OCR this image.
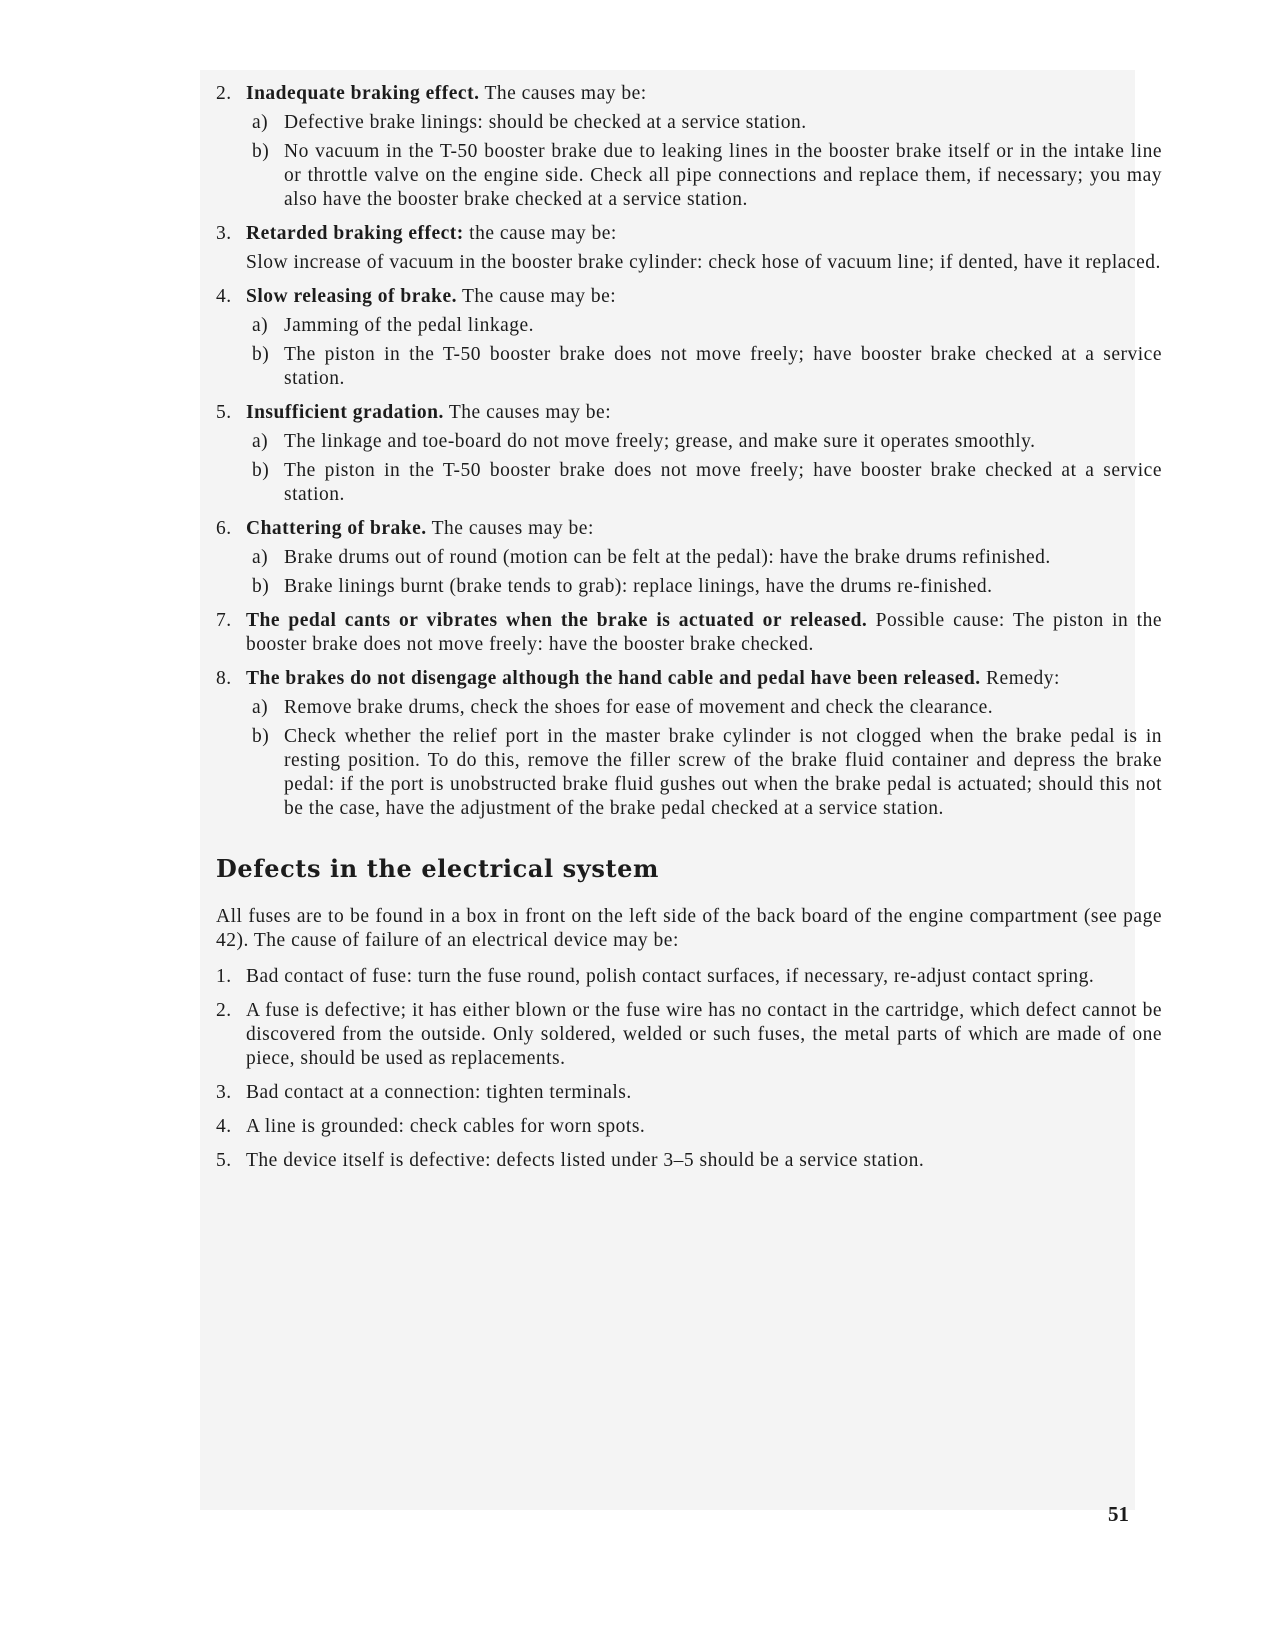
2. Inadequate braking effect. The causes may be:
a) Defective brake linings: should be checked at a service station.
b) No vacuum in the T-50 booster brake due to leaking lines in the booster brake itself or in the intake line or throttle valve on the engine side. Check all pipe connections and replace them, if necessary; you may also have the booster brake checked at a service station.
3. Retarded braking effect: the cause may be:
Slow increase of vacuum in the booster brake cylinder: check hose of vacuum line; if dented, have it replaced.
4. Slow releasing of brake. The cause may be:
a) Jamming of the pedal linkage.
b) The piston in the T-50 booster brake does not move freely; have booster brake checked at a service station.
5. Insufficient gradation. The causes may be:
a) The linkage and toe-board do not move freely; grease, and make sure it operates smoothly.
b) The piston in the T-50 booster brake does not move freely; have booster brake checked at a service station.
6. Chattering of brake. The causes may be:
a) Brake drums out of round (motion can be felt at the pedal): have the brake drums refinished.
b) Brake linings burnt (brake tends to grab): replace linings, have the drums re-finished.
7. The pedal cants or vibrates when the brake is actuated or released. Possible cause: The piston in the booster brake does not move freely: have the booster brake checked.
8. The brakes do not disengage although the hand cable and pedal have been released. Remedy:
a) Remove brake drums, check the shoes for ease of movement and check the clearance.
b) Check whether the relief port in the master brake cylinder is not clogged when the brake pedal is in resting position. To do this, remove the filler screw of the brake fluid container and depress the brake pedal: if the port is unobstructed brake fluid gushes out when the brake pedal is actuated; should this not be the case, have the adjustment of the brake pedal checked at a service station.
Defects in the electrical system
All fuses are to be found in a box in front on the left side of the back board of the engine compartment (see page 42). The cause of failure of an electrical device may be:
1. Bad contact of fuse: turn the fuse round, polish contact surfaces, if necessary, re-adjust contact spring.
2. A fuse is defective; it has either blown or the fuse wire has no contact in the cartridge, which defect cannot be discovered from the outside. Only soldered, welded or such fuses, the metal parts of which are made of one piece, should be used as replacements.
3. Bad contact at a connection: tighten terminals.
4. A line is grounded: check cables for worn spots.
5. The device itself is defective: defects listed under 3–5 should be a service station.
51
